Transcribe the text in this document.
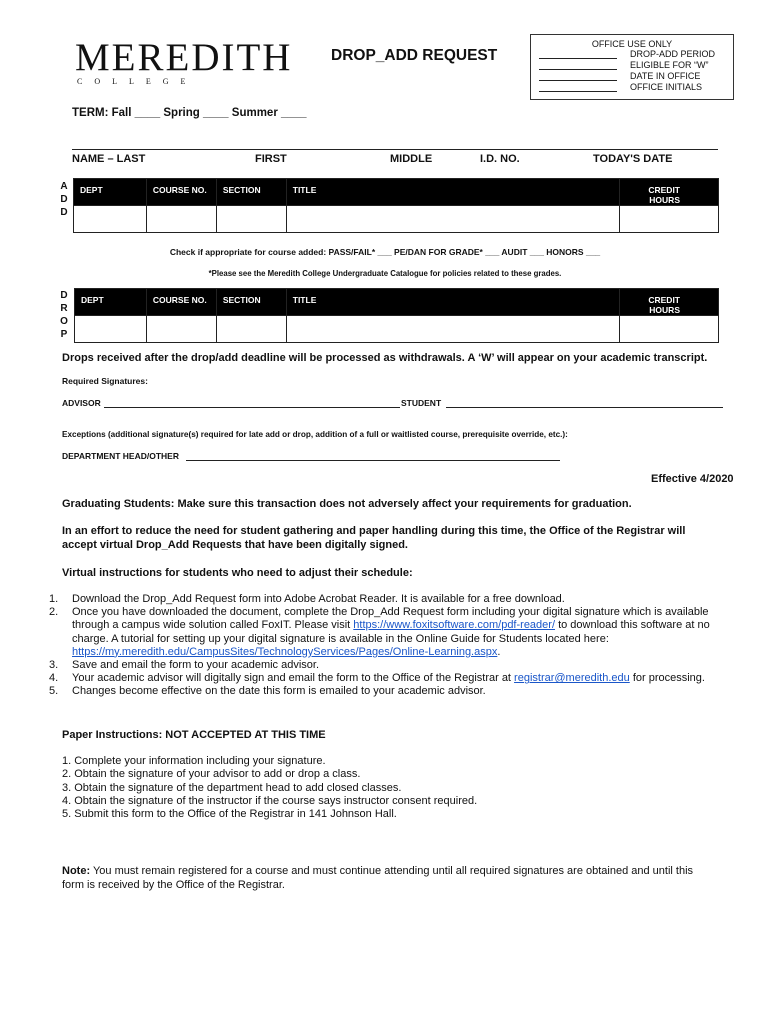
MEREDITH
COLLEGE
DROP_ADD REQUEST
OFFICE USE ONLY
DROP-ADD PERIOD
ELIGIBLE FOR “W”
DATE IN OFFICE
OFFICE INITIALS
TERM: Fall ____ Spring ____ Summer ____
NAME – LAST	FIRST	MIDDLE	I.D. NO.	TODAY'S DATE
A
D
D
DEPT	COURSE NO.	SECTION	TITLE	CREDIT HOURS

Check if appropriate for course added: PASS/FAIL* ___ PE/DAN FOR GRADE* ___ AUDIT ___ HONORS ___
*Please see the Meredith College Undergraduate Catalogue for policies related to these grades.
D
R
O
P
DEPT	COURSE NO.	SECTION	TITLE	CREDIT HOURS

Drops received after the drop/add deadline will be processed as withdrawals. A ‘W’ will appear on your academic transcript.
Required Signatures:
ADVISOR	STUDENT
Exceptions (additional signature(s) required for late add or drop, addition of a full or waitlisted course, prerequisite override, etc.):
DEPARTMENT HEAD/OTHER
Effective 4/2020
Graduating Students: Make sure this transaction does not adversely affect your requirements for graduation.
In an effort to reduce the need for student gathering and paper handling during this time, the Office of the Registrar will accept virtual Drop_Add Requests that have been digitally signed.
Virtual instructions for students who need to adjust their schedule:
1. Download the Drop_Add Request form into Adobe Acrobat Reader. It is available for a free download.
2. Once you have downloaded the document, complete the Drop_Add Request form including your digital signature which is available through a campus wide solution called FoxIT. Please visit https://www.foxitsoftware.com/pdf-reader/ to download this software at no charge. A tutorial for setting up your digital signature is available in the Online Guide for Students located here: https://my.meredith.edu/CampusSites/TechnologyServices/Pages/Online-Learning.aspx.
3. Save and email the form to your academic advisor.
4. Your academic advisor will digitally sign and email the form to the Office of the Registrar at registrar@meredith.edu for processing.
5. Changes become effective on the date this form is emailed to your academic advisor.
Paper Instructions: NOT ACCEPTED AT THIS TIME
1. Complete your information including your signature.
2. Obtain the signature of your advisor to add or drop a class.
3. Obtain the signature of the department head to add closed classes.
4. Obtain the signature of the instructor if the course says instructor consent required.
5. Submit this form to the Office of the Registrar in 141 Johnson Hall.
Note: You must remain registered for a course and must continue attending until all required signatures are obtained and until this form is received by the Office of the Registrar.
